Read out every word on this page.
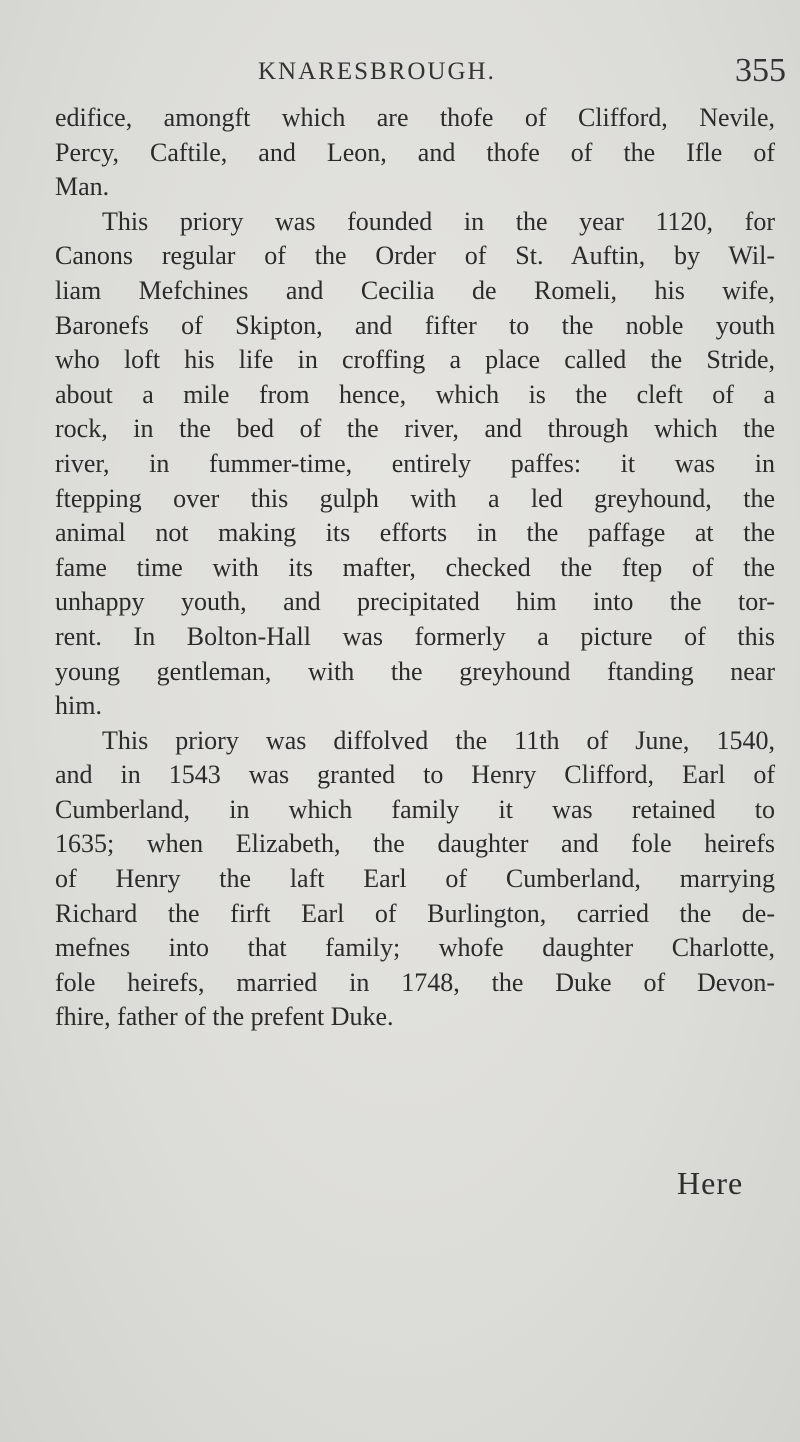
KNARESBROUGH.	355
edifice, amongft which are thofe of Clifford, Nevile,
Percy, Caftile, and Leon, and thofe of the Ifle of
Man.
This priory was founded in the year 1120, for
Canons regular of the Order of St. Auftin, by Wil-
liam Mefchines and Cecilia de Romeli, his wife,
Baronefs of Skipton, and fifter to the noble youth
who loft his life in croffing a place called the Stride,
about a mile from hence, which is the cleft of a
rock, in the bed of the river, and through which the
river, in fummer-time, entirely paffes: it was in
ftepping over this gulph with a led greyhound, the
animal not making its efforts in the paffage at the
fame time with its mafter, checked the ftep of the
unhappy youth, and precipitated him into the tor-
rent. In Bolton-Hall was formerly a picture of this
young gentleman, with the greyhound ftanding near
him.
This priory was diffolved the 11th of June, 1540,
and in 1543 was granted to Henry Clifford, Earl of
Cumberland, in which family it was retained to
1635; when Elizabeth, the daughter and fole heirefs
of Henry the laft Earl of Cumberland, marrying
Richard the firft Earl of Burlington, carried the de-
mefnes into that family; whofe daughter Charlotte,
fole heirefs, married in 1748, the Duke of Devon-
fhire, father of the prefent Duke.
Here
